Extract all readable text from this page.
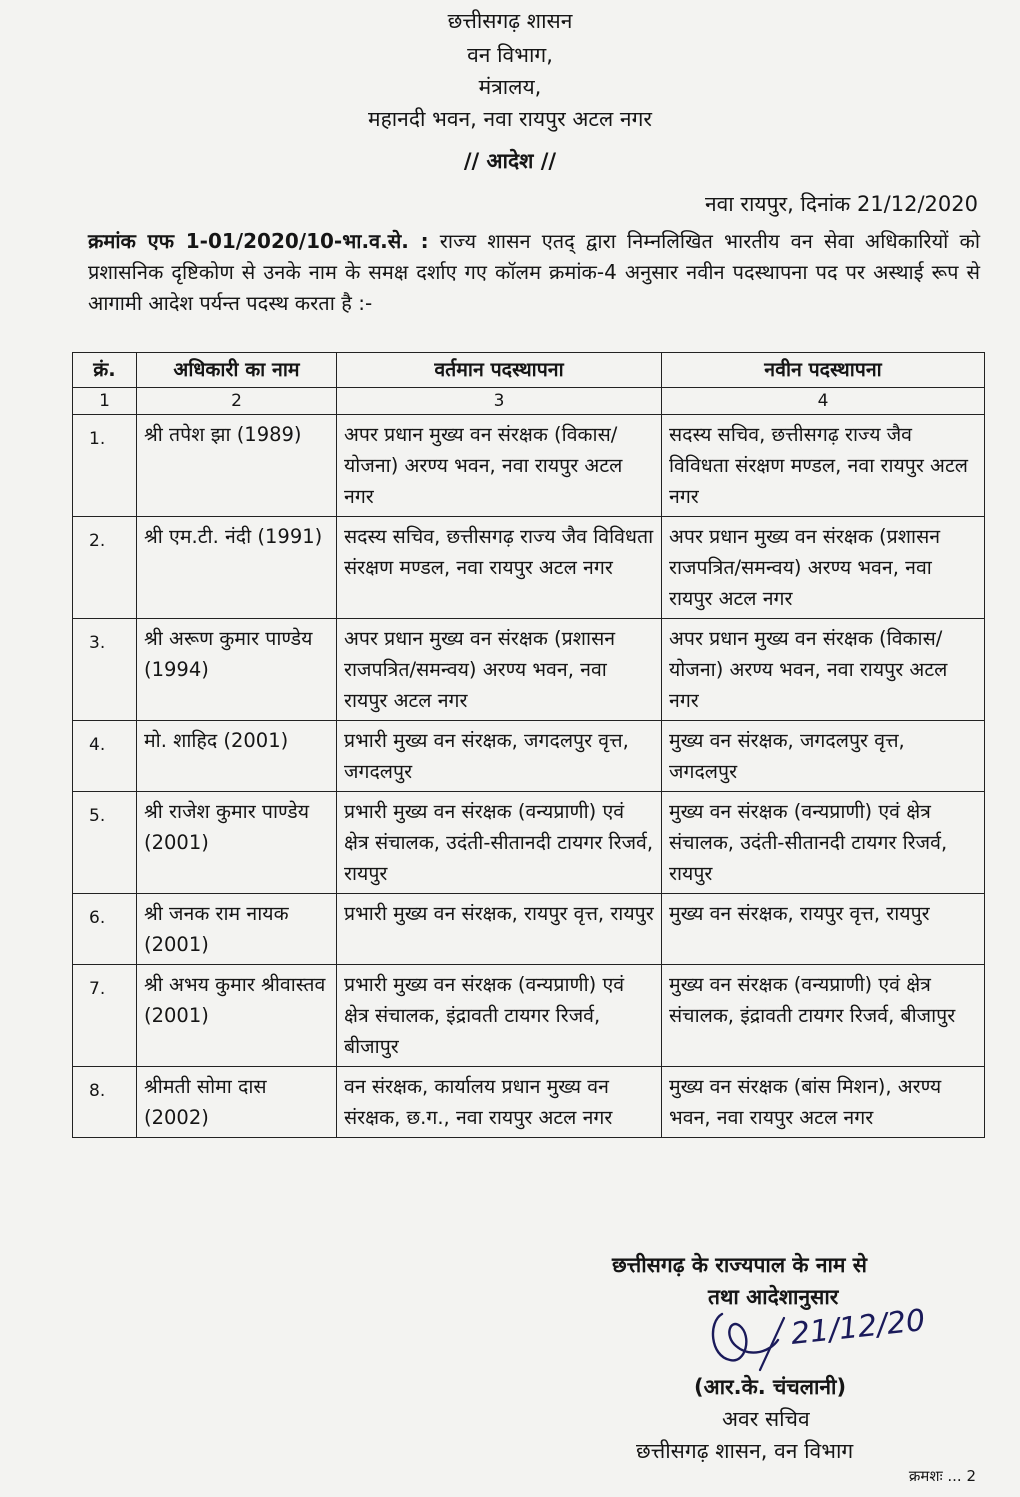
छत्तीसगढ़ शासन
वन विभाग,
मंत्रालय,
महानदी भवन, नवा रायपुर अटल नगर
// आदेश //
नवा रायपुर, दिनांक 21/12/2020
क्रमांक एफ 1-01/2020/10-भा.व.से. : राज्य शासन एतद् द्वारा निम्नलिखित भारतीय वन सेवा अधिकारियों को प्रशासनिक दृष्टिकोण से उनके नाम के समक्ष दर्शाए गए कॉलम क्रमांक-4 अनुसार नवीन पदस्थापना पद पर अस्थाई रूप से आगामी आदेश पर्यन्त पदस्थ करता है :-
क्रं.	अधिकारी का नाम	वर्तमान पदस्थापना	नवीन पदस्थापना
1	2	3	4
1.	श्री तपेश झा (1989)	अपर प्रधान मुख्य वन संरक्षक (विकास/योजना) अरण्य भवन, नवा रायपुर अटल नगर	सदस्य सचिव, छत्तीसगढ़ राज्य जैव विविधता संरक्षण मण्डल, नवा रायपुर अटल नगर
2.	श्री एम.टी. नंदी (1991)	सदस्य सचिव, छत्तीसगढ़ राज्य जैव विविधता संरक्षण मण्डल, नवा रायपुर अटल नगर	अपर प्रधान मुख्य वन संरक्षक (प्रशासन राजपत्रित/समन्वय) अरण्य भवन, नवा रायपुर अटल नगर
3.	श्री अरूण कुमार पाण्डेय (1994)	अपर प्रधान मुख्य वन संरक्षक (प्रशासन राजपत्रित/समन्वय) अरण्य भवन, नवा रायपुर अटल नगर	अपर प्रधान मुख्य वन संरक्षक (विकास/योजना) अरण्य भवन, नवा रायपुर अटल नगर
4.	मो. शाहिद (2001)	प्रभारी मुख्य वन संरक्षक, जगदलपुर वृत्त, जगदलपुर	मुख्य वन संरक्षक, जगदलपुर वृत्त, जगदलपुर
5.	श्री राजेश कुमार पाण्डेय (2001)	प्रभारी मुख्य वन संरक्षक (वन्यप्राणी) एवं क्षेत्र संचालक, उदंती-सीतानदी टायगर रिजर्व, रायपुर	मुख्य वन संरक्षक (वन्यप्राणी) एवं क्षेत्र संचालक, उदंती-सीतानदी टायगर रिजर्व, रायपुर
6.	श्री जनक राम नायक (2001)	प्रभारी मुख्य वन संरक्षक, रायपुर वृत्त, रायपुर	मुख्य वन संरक्षक, रायपुर वृत्त, रायपुर
7.	श्री अभय कुमार श्रीवास्तव (2001)	प्रभारी मुख्य वन संरक्षक (वन्यप्राणी) एवं क्षेत्र संचालक, इंद्रावती टायगर रिजर्व, बीजापुर	मुख्य वन संरक्षक (वन्यप्राणी) एवं क्षेत्र संचालक, इंद्रावती टायगर रिजर्व, बीजापुर
8.	श्रीमती सोमा दास (2002)	वन संरक्षक, कार्यालय प्रधान मुख्य वन संरक्षक, छ.ग., नवा रायपुर अटल नगर	मुख्य वन संरक्षक (बांस मिशन), अरण्य भवन, नवा रायपुर अटल नगर
छत्तीसगढ़ के राज्यपाल के नाम से
तथा आदेशानुसार
21/12/20
(आर.के. चंचलानी)
अवर सचिव
छत्तीसगढ़ शासन, वन विभाग
क्रमशः ... 2
